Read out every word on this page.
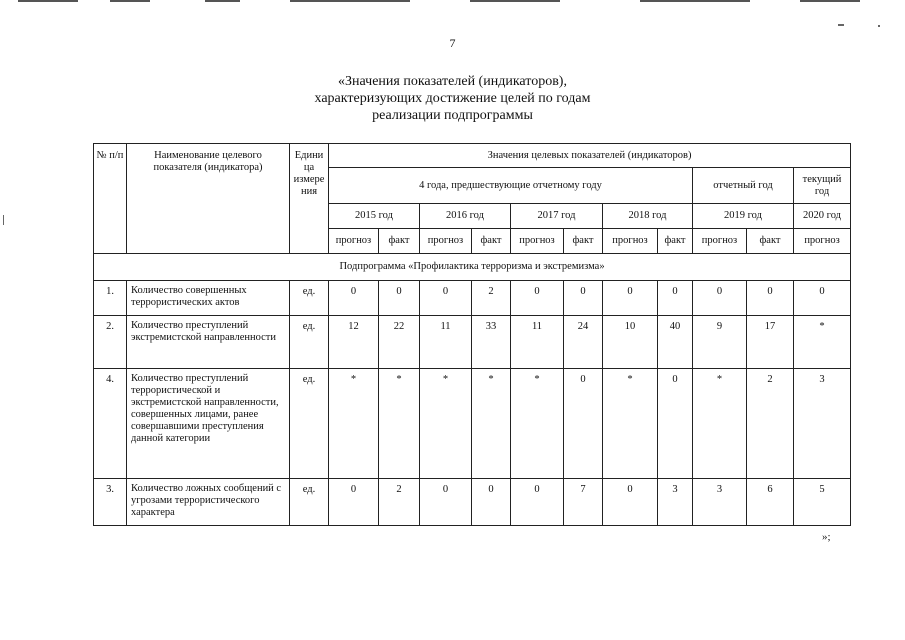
7
«Значения показателей (индикаторов),
характеризующих достижение целей по годам
реализации подпрограммы
№ п/п	Наименование целевого показателя (индикатора)	Едини ца измере ния	Значения целевых показателей (индикаторов)										
			4 года, предшествующие отчетному году								отчетный год		текущий год
			2015 год		2016 год		2017 год		2018 год		2019 год		2020 год
			прогноз	факт	прогноз	факт	прогноз	факт	прогноз	факт	прогноз	факт	прогноз
Подпрограмма «Профилактика терроризма и экстремизма»													
1.	Количество совершенных террористических актов	ед.	0	0	0	2	0	0	0	0	0	0	0
2.	Количество преступлений экстремистской направленности	ед.	12	22	11	33	11	24	10	40	9	17	*
4.	Количество преступлений террористической и экстремистской направленности, совершенных лицами, ранее совершавшими преступления данной категории	ед.	*	*	*	*	*	0	*	0	*	2	3
3.	Количество ложных сообщений с угрозами террористического характера	ед.	0	2	0	0	0	7	0	3	3	6	5
»;
